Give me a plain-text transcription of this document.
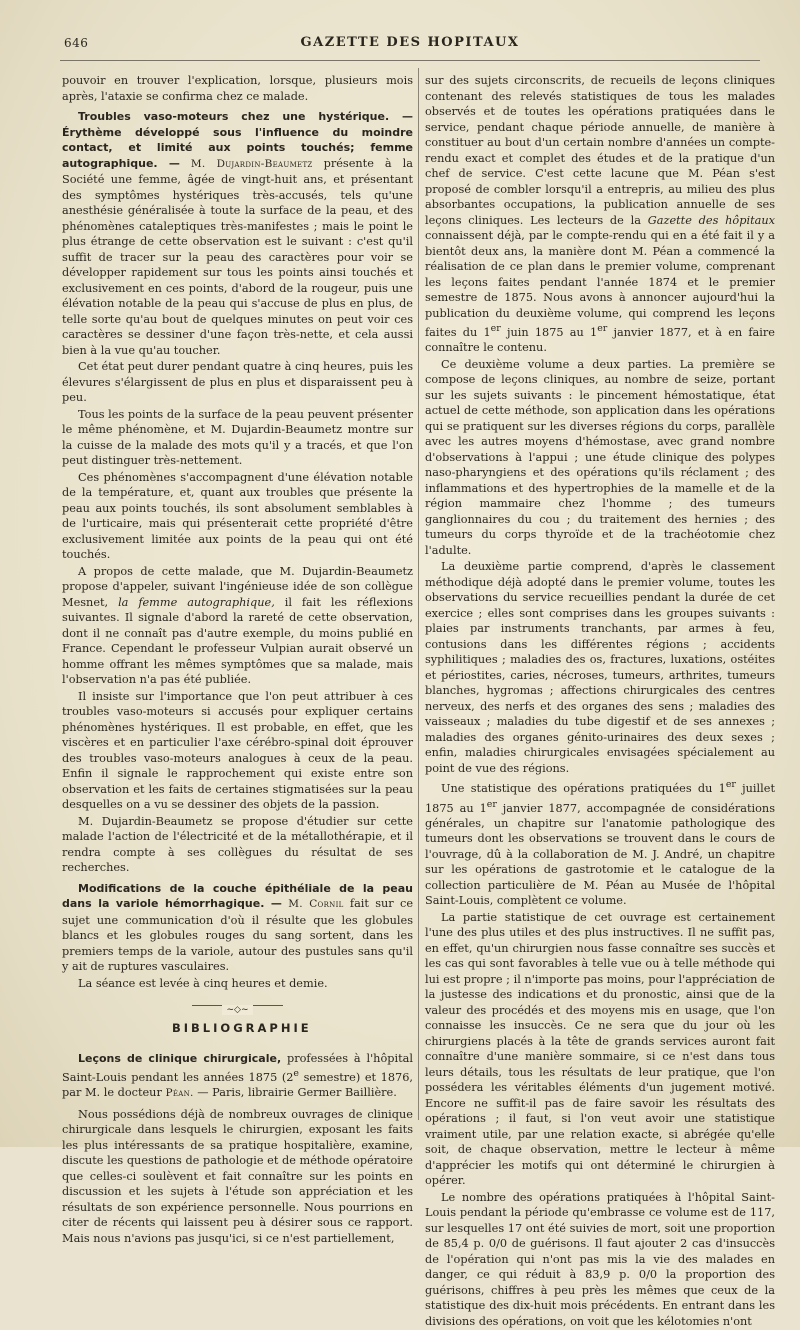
646	GAZETTE DES HOPITAUX

pouvoir en trouver l'explication, lorsque, plusieurs mois après, l'ataxie se confirma chez ce malade.

Troubles vaso-moteurs chez une hystérique. — Érythème développé sous l'influence du moindre contact, et limité aux points touchés; femme autographique. — M. Dujardin-Beaumetz présente à la Société une femme, âgée de vingt-huit ans, et présentant des symptômes hystériques très-accusés, tels qu'une anesthésie généralisée à toute la surface de la peau, et des phénomènes cataleptiques très-manifestes ; mais le point le plus étrange de cette observation est le suivant : c'est qu'il suffit de tracer sur la peau des caractères pour voir se développer rapidement sur tous les points ainsi touchés et exclusivement en ces points, d'abord de la rougeur, puis une élévation notable de la peau qui s'accuse de plus en plus, de telle sorte qu'au bout de quelques minutes on peut voir ces caractères se dessiner d'une façon très-nette, et cela aussi bien à la vue qu'au toucher.

Cet état peut durer pendant quatre à cinq heures, puis les élevures s'élargissent de plus en plus et disparaissent peu à peu.

Tous les points de la surface de la peau peuvent présenter le même phénomène, et M. Dujardin-Beaumetz montre sur la cuisse de la malade des mots qu'il y a tracés, et que l'on peut distinguer très-nettement.

Ces phénomènes s'accompagnent d'une élévation notable de la température, et, quant aux troubles que présente la peau aux points touchés, ils sont absolument semblables à de l'urticaire, mais qui présenterait cette propriété d'être exclusivement limitée aux points de la peau qui ont été touchés.

A propos de cette malade, que M. Dujardin-Beaumetz propose d'appeler, suivant l'ingénieuse idée de son collègue Mesnet, la femme autographique, il fait les réflexions suivantes. Il signale d'abord la rareté de cette observation, dont il ne connaît pas d'autre exemple, du moins publié en France. Cependant le professeur Vulpian aurait observé un homme offrant les mêmes symptômes que sa malade, mais l'observation n'a pas été publiée.

Il insiste sur l'importance que l'on peut attribuer à ces troubles vaso-moteurs si accusés pour expliquer certains phénomènes hystériques. Il est probable, en effet, que les viscères et en particulier l'axe cérébro-spinal doit éprouver des troubles vaso-moteurs analogues à ceux de la peau. Enfin il signale le rapprochement qui existe entre son observation et les faits de certaines stigmatisées sur la peau desquelles on a vu se dessiner des objets de la passion.

M. Dujardin-Beaumetz se propose d'étudier sur cette malade l'action de l'électricité et de la métallothérapie, et il rendra compte à ses collègues du résultat de ses recherches.

Modifications de la couche épithéliale de la peau dans la variole hémorrhagique. — M. Cornil fait sur ce sujet une communication d'où il résulte que les globules blancs et les globules rouges du sang sortent, dans les premiers temps de la variole, autour des pustules sans qu'il y ait de ruptures vasculaires.

La séance est levée à cinq heures et demie.

~◇~
BIBLIOGRAPHIE

Leçons de clinique chirurgicale, professées à l'hôpital Saint-Louis pendant les années 1875 (2e semestre) et 1876, par M. le docteur Péan. — Paris, librairie Germer Baillière.

Nous possédions déjà de nombreux ouvrages de clinique chirurgicale dans lesquels le chirurgien, exposant les faits les plus intéressants de sa pratique hospitalière, examine, discute les questions de pathologie et de méthode opératoire que celles-ci soulèvent et fait connaître sur les points en discussion et les sujets à l'étude son appréciation et les résultats de son expérience personnelle. Nous pourrions en citer de récents qui laissent peu à désirer sous ce rapport. Mais nous n'avions pas jusqu'ici, si ce n'est partiellement,

sur des sujets circonscrits, de recueils de leçons cliniques contenant des relevés statistiques de tous les malades observés et de toutes les opérations pratiquées dans le service, pendant chaque période annuelle, de manière à constituer au bout d'un certain nombre d'années un compte-rendu exact et complet des études et de la pratique d'un chef de service. C'est cette lacune que M. Péan s'est proposé de combler lorsqu'il a entrepris, au milieu des plus absorbantes occupations, la publication annuelle de ses leçons cliniques. Les lecteurs de la Gazette des hôpitaux connaissent déjà, par le compte-rendu qui en a été fait il y a bientôt deux ans, la manière dont M. Péan a commencé la réalisation de ce plan dans le premier volume, comprenant les leçons faites pendant l'année 1874 et le premier semestre de 1875. Nous avons à annoncer aujourd'hui la publication du deuxième volume, qui comprend les leçons faites du 1er juin 1875 au 1er janvier 1877, et à en faire connaître le contenu.

Ce deuxième volume a deux parties. La première se compose de leçons cliniques, au nombre de seize, portant sur les sujets suivants : le pincement hémostatique, état actuel de cette méthode, son application dans les opérations qui se pratiquent sur les diverses régions du corps, parallèle avec les autres moyens d'hémostase, avec grand nombre d'observations à l'appui ; une étude clinique des polypes naso-pharyngiens et des opérations qu'ils réclament ; des inflammations et des hypertrophies de la mamelle et de la région mammaire chez l'homme ; des tumeurs ganglionnaires du cou ; du traitement des hernies ; des tumeurs du corps thyroïde et de la trachéotomie chez l'adulte.

La deuxième partie comprend, d'après le classement méthodique déjà adopté dans le premier volume, toutes les observations du service recueillies pendant la durée de cet exercice ; elles sont comprises dans les groupes suivants : plaies par instruments tranchants, par armes à feu, contusions dans les différentes régions ; accidents syphilitiques ; maladies des os, fractures, luxations, ostéites et périostites, caries, nécroses, tumeurs, arthrites, tumeurs blanches, hygromas ; affections chirurgicales des centres nerveux, des nerfs et des organes des sens ; maladies des vaisseaux ; maladies du tube digestif et de ses annexes ; maladies des organes génito-urinaires des deux sexes ; enfin, maladies chirurgicales envisagées spécialement au point de vue des régions.

Une statistique des opérations pratiquées du 1er juillet 1875 au 1er janvier 1877, accompagnée de considérations générales, un chapitre sur l'anatomie pathologique des tumeurs dont les observations se trouvent dans le cours de l'ouvrage, dû à la collaboration de M. J. André, un chapitre sur les opérations de gastrotomie et le catalogue de la collection particulière de M. Péan au Musée de l'hôpital Saint-Louis, complètent ce volume.

La partie statistique de cet ouvrage est certainement l'une des plus utiles et des plus instructives. Il ne suffit pas, en effet, qu'un chirurgien nous fasse connaître ses succès et les cas qui sont favorables à telle vue ou à telle méthode qui lui est propre ; il n'importe pas moins, pour l'appréciation de la justesse des indications et du pronostic, ainsi que de la valeur des procédés et des moyens mis en usage, que l'on connaisse les insuccès. Ce ne sera que du jour où les chirurgiens placés à la tête de grands services auront fait connaître d'une manière sommaire, si ce n'est dans tous leurs détails, tous les résultats de leur pratique, que l'on possédera les véritables éléments d'un jugement motivé. Encore ne suffit-il pas de faire savoir les résultats des opérations ; il faut, si l'on veut avoir une statistique vraiment utile, par une relation exacte, si abrégée qu'elle soit, de chaque observation, mettre le lecteur à même d'apprécier les motifs qui ont déterminé le chirurgien à opérer.

Le nombre des opérations pratiquées à l'hôpital Saint-Louis pendant la période qu'embrasse ce volume est de 117, sur lesquelles 17 ont été suivies de mort, soit une proportion de 85,4 p. 0/0 de guérisons. Il faut ajouter 2 cas d'insuccès de l'opération qui n'ont pas mis la vie des malades en danger, ce qui réduit à 83,9 p. 0/0 la proportion des guérisons, chiffres à peu près les mêmes que ceux de la statistique des dix-huit mois précédents. En entrant dans les divisions des opérations, on voit que les kélotomies n'ont
